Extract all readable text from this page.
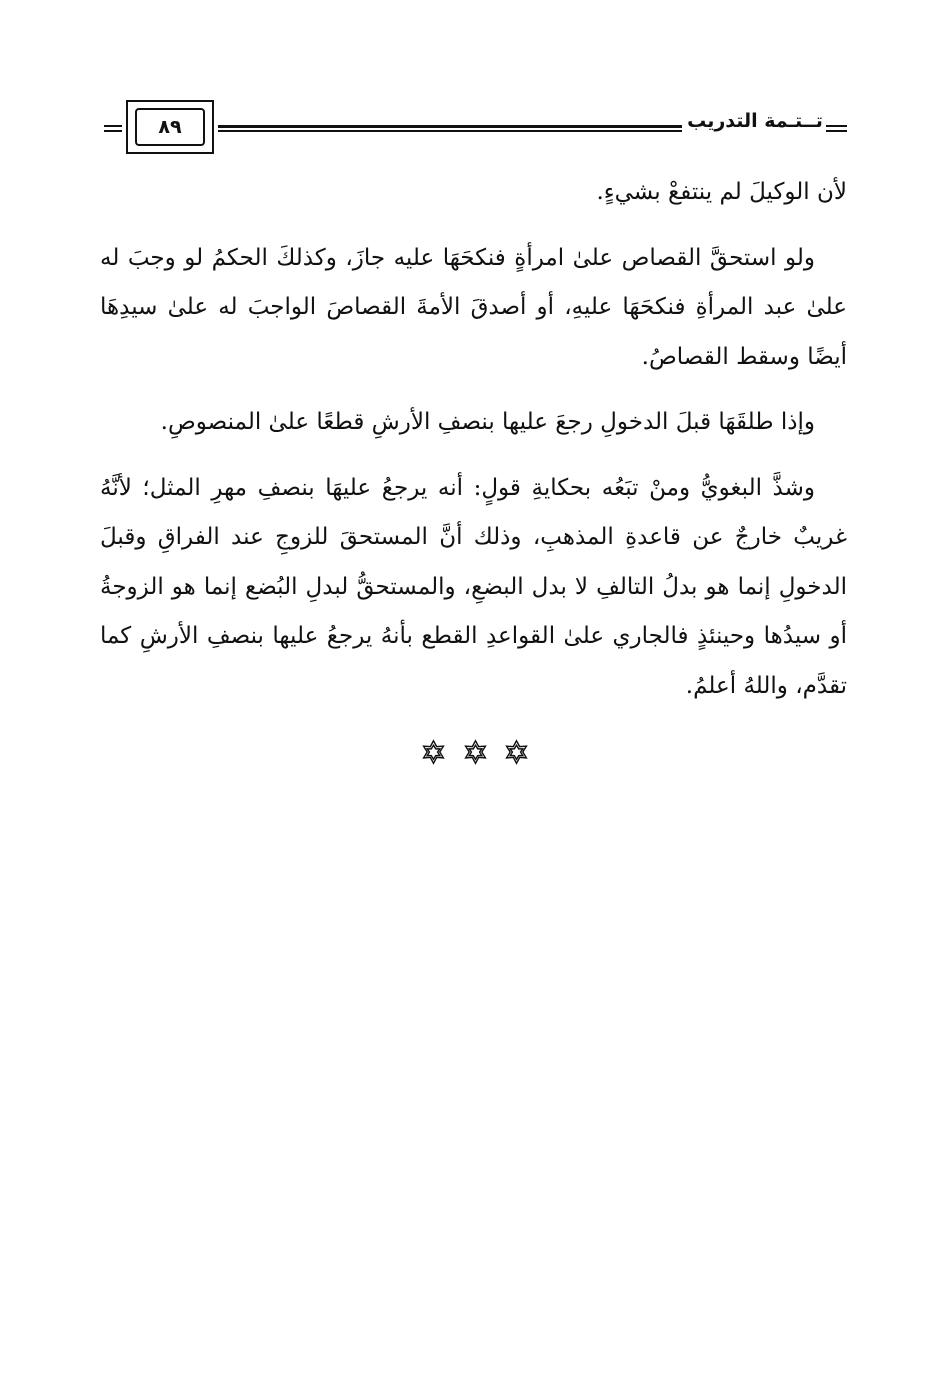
٨٩	تــتـمة التدريب

لأن الوكيلَ لم ينتفعْ بشيءٍ.

ولو استحقَّ القصاص علىٰ امرأةٍ فنكحَهَا عليه جازَ، وكذلكَ الحكمُ لو وجبَ له علىٰ عبد المرأةِ فنكحَهَا عليهِ، أو أصدقَ الأمةَ القصاصَ الواجبَ له علىٰ سيدِهَا أيضًا وسقط القصاصُ.

وإذا طلقَهَا قبلَ الدخولِ رجعَ عليها بنصفِ الأرشِ قطعًا علىٰ المنصوصِ.

وشذَّ البغويُّ ومنْ تبَعُه بحكايةِ قولٍ: أنه يرجعُ عليهَا بنصفِ مهرِ المثل؛ لأنَّهُ غريبٌ خارجٌ عن قاعدةِ المذهبِ، وذلك أنَّ المستحقَ للزوجِ عند الفراقِ وقبلَ الدخولِ إنما هو بدلُ التالفِ لا بدل البضعِ، والمستحقُّ لبدلِ البُضع إنما هو الزوجةُ أو سيدُها وحينئذٍ فالجاري علىٰ القواعدِ القطع بأنهُ يرجعُ عليها بنصفِ الأرشِ كما تقدَّم، واللهُ أعلمُ.
